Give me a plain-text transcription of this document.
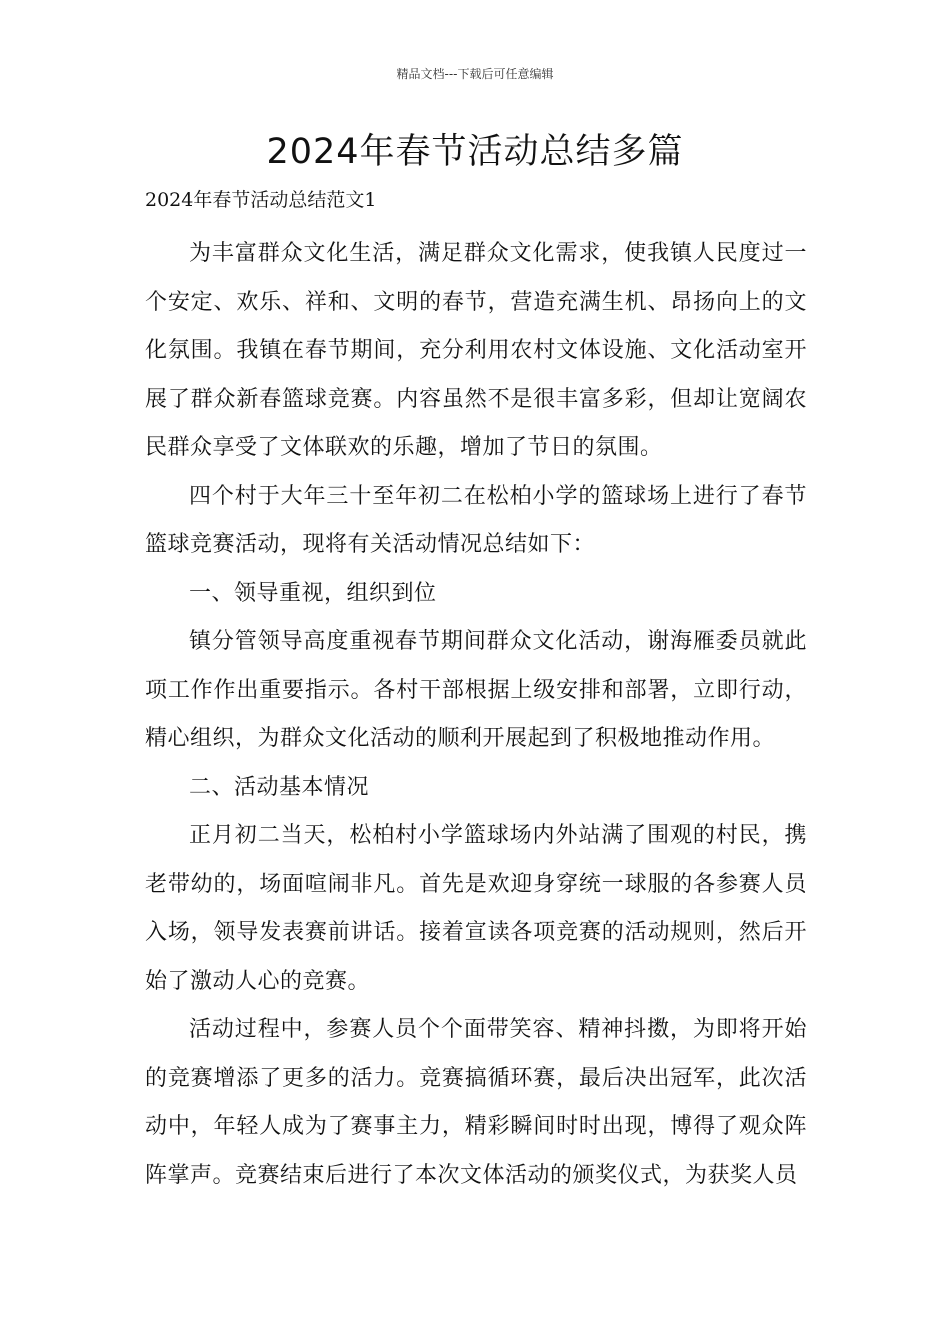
精品文档---下载后可任意编辑
2024年春节活动总结多篇

2024年春节活动总结范文1

为丰富群众文化生活，满足群众文化需求，使我镇人民度过一个安定、欢乐、祥和、文明的春节，营造充满生机、昂扬向上的文化氛围。我镇在春节期间，充分利用农村文体设施、文化活动室开展了群众新春篮球竞赛。内容虽然不是很丰富多彩，但却让宽阔农民群众享受了文体联欢的乐趣，增加了节日的氛围。

四个村于大年三十至年初二在松柏小学的篮球场上进行了春节篮球竞赛活动，现将有关活动情况总结如下：

一、领导重视，组织到位

镇分管领导高度重视春节期间群众文化活动，谢海雁委员就此项工作作出重要指示。各村干部根据上级安排和部署，立即行动，精心组织，为群众文化活动的顺利开展起到了积极地推动作用。

二、活动基本情况

正月初二当天，松柏村小学篮球场内外站满了围观的村民，携老带幼的，场面喧闹非凡。首先是欢迎身穿统一球服的各参赛人员入场，领导发表赛前讲话。接着宣读各项竞赛的活动规则，然后开始了激动人心的竞赛。

活动过程中，参赛人员个个面带笑容、精神抖擞，为即将开始的竞赛增添了更多的活力。竞赛搞循环赛，最后决出冠军，此次活动中，年轻人成为了赛事主力，精彩瞬间时时出现，博得了观众阵阵掌声。竞赛结束后进行了本次文体活动的颁奖仪式，为获奖人员
